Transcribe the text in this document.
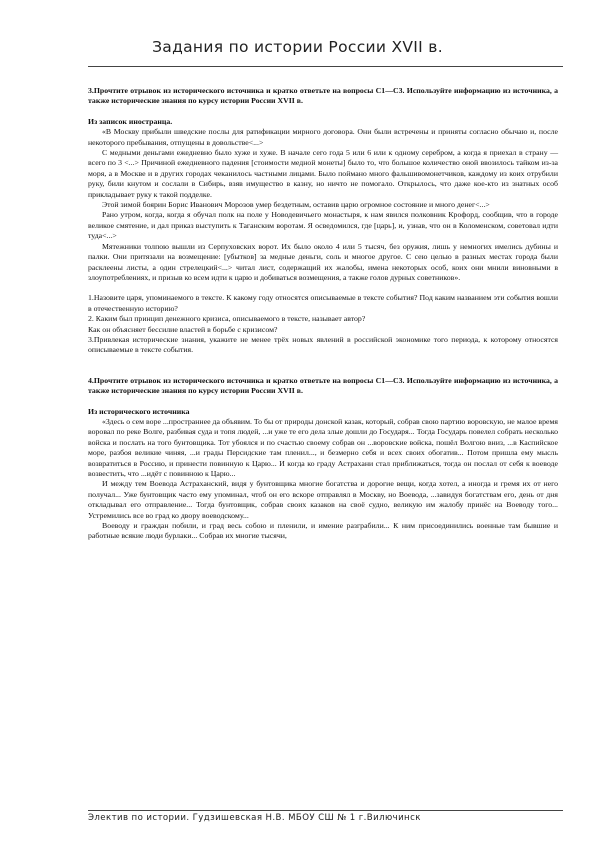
Задания по истории России XVII в.

3.Прочтите отрывок из исторического источника и кратко ответьте на вопросы С1—С3. Используйте информацию из источника, а также исторические знания по курсу истории России XVII в.

Из записок иностранца.

«В Москву прибыли шведские послы для ратификации мирного договора. Они были встречены и приняты согласно обычаю и, после некоторого пребывания, отпущены в довольстве<...>

С медными деньгами ежедневно было хуже и хуже. В начале сего года 5 или 6 или к одному серебром, а когда я приехал в страну — всего по 3 <...> Причиной ежедневного падения [стоимости медной монеты] было то, что большое количество оной ввозилось тайком из-за моря, а в Москве и в других городах чеканилось частными лицами. Было поймано много фальшивомонетчиков, каждому из коих отрубили руку, били кнутом и сослали в Сибирь, взяв имущество в казну, но ничто не помогало. Открылось, что даже кое-кто из знатных особ прикладывает руку к такой подделке.

Этой зимой боярин Борис Иванович Морозов умер бездетным, оставив царю огромное состояние и много денег<...>

Рано утром, когда, когда я обучал полк на поле у Новодевичьего монастыря, к нам явился полковник Крофорд, сообщив, что в городе великое смятение, и дал приказ выступить к Таганским воротам. Я осведомился, где [царь], и, узнав, что он в Коломенском, советовал идти туда<...>

Мятежники толпою вышли из Серпуховских ворот. Их было около 4 или 5 тысяч, без оружия, лишь у немногих имелись дубины и палки. Они притязали на возмещение: [убытков] за медные деньги, соль и многое другое. С сею целью в разных местах города были расклеены листы, а один стрелецкий<...> читал лист, содержащий их жалобы, имена некоторых особ, коих они мнили виновными в злоупотреблениях, и призыв ко всем идти к царю и добиваться возмещения, а также голов дурных советников».

1.Назовите царя, упоминаемого в тексте. К какому году относятся описываемые в тексте события? Под каким названием эти события вошли в отечественную историю?

2. Каким был принцип денежного кризиса, описываемого в тексте, называет автор?

Как он объясняет бессилие властей в борьбе с кризисом?

3.Привлекая исторические знания, укажите не менее трёх новых явлений в российской экономике того периода, к которому относятся описываемые в тексте события.

4.Прочтите отрывок из исторического источника и кратко ответьте на вопросы С1—С3. Используйте информацию из источника, а также исторические знания по курсу истории России XVII в.

Из исторического источника

«Здесь о сем воре ...пространнее да объявим. То бы от природы донской казак, который, собрав свою партию воровскую, не малое время воровал по реке Волге, разбивая суда и топя людей, ...и уже те его дела злые дошли до Государя... Тогда Государь повелел собрать несколько войска и послать на того бунтовщика. Тот убоялся и по счастью своему собрав он ...воровские войска, пошёл Волгою вниз, ...в Каспийское море, разбоя великие чиняя, ...и грады Персидские там пленил..., и безмерно себя и всех своих обогатив... Потом пришла ему мысль возвратиться в Россию, и принести повинную к Царю... И когда ко граду Астрахани стал приближаться, тогда он послал от себя к воеводе возвестить, что ...идёт с повинною к Царю...

И между тем Воевода Астраханский, видя у бунтовщика многие богатства и дорогие вещи, когда хотел, а иногда и гремя их от него получал... Уже бунтовщик часто ему упоминал, чтоб он его вскоре отправлял в Москву, но Воевода, ...завидуя богатствам его, день от дня откладывал его отправление... Тогда бунтовщик, собрав своих казаков на своё судно, великую им жалобу принёс на Воеводу того... Устремились все во град ко двору воеводскому...

Воеводу и граждан побили, и град весь собою и пленили, и имение разграбили... К ним присоединились военные там бывшие и работные всякие люди бурлаки... Собрав их многие тысячи,

Электив по истории. Гудзишевская Н.В. МБОУ СШ № 1 г.Вилючинск
